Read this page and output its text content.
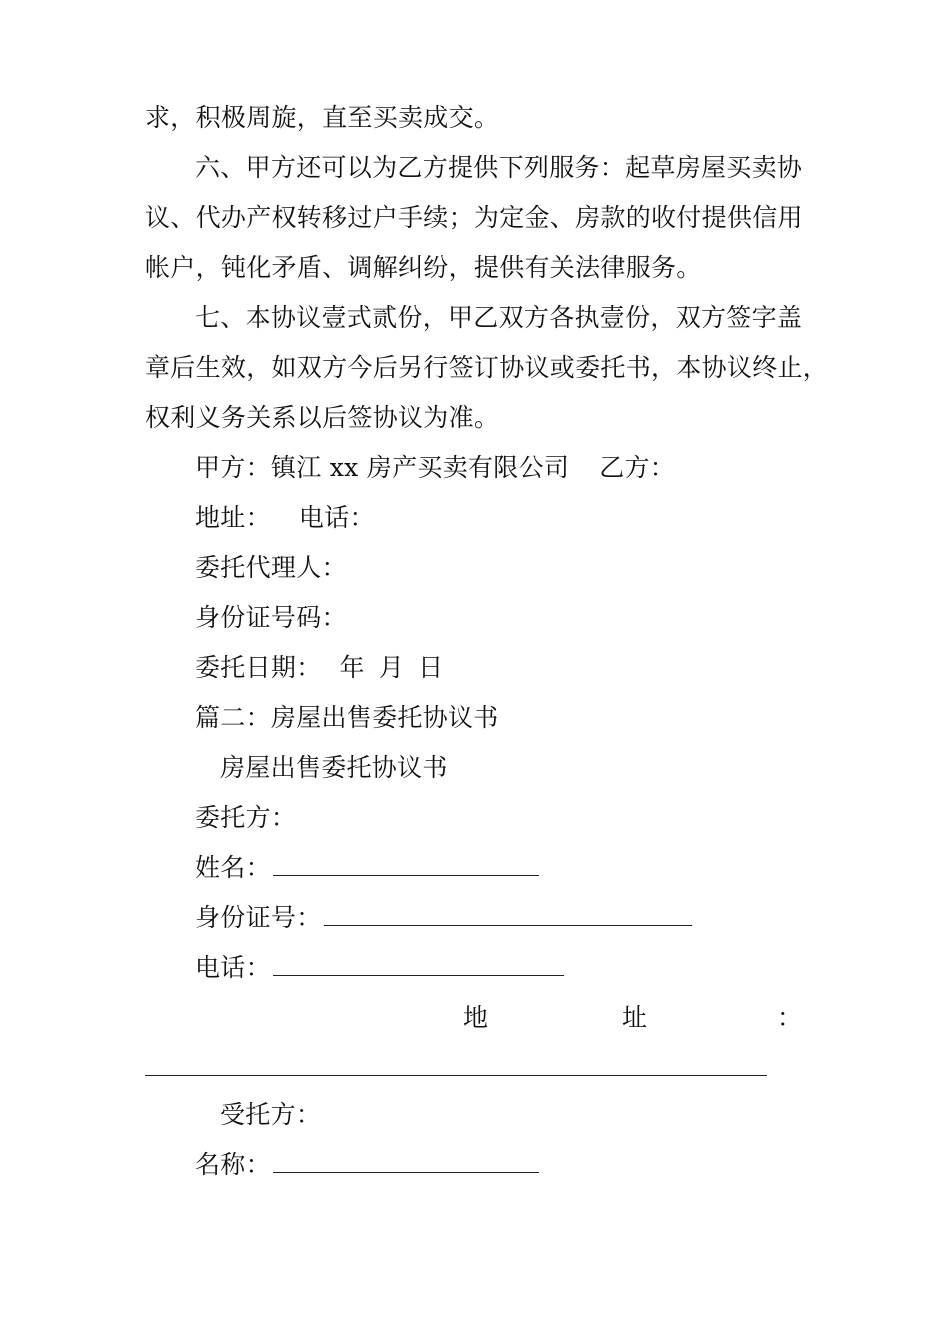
求，积极周旋，直至买卖成交。
六、甲方还可以为乙方提供下列服务：起草房屋买卖协
议、代办产权转移过户手续；为定金、房款的收付提供信用
帐户，钝化矛盾、调解纠纷，提供有关法律服务。
七、本协议壹式贰份，甲乙双方各执壹份，双方签字盖
章后生效，如双方今后另行签订协议或委托书，本协议终止，
权利义务关系以后签协议为准。
甲方：镇江 xx 房产买卖有限公司 乙方：
地址： 电话：
委托代理人：
身份证号码：
委托日期： 年 月 日
篇二：房屋出售委托协议书
房屋出售委托协议书
委托方：
姓名：
身份证号：
电话：
地	址	：
受托方：
名称：
